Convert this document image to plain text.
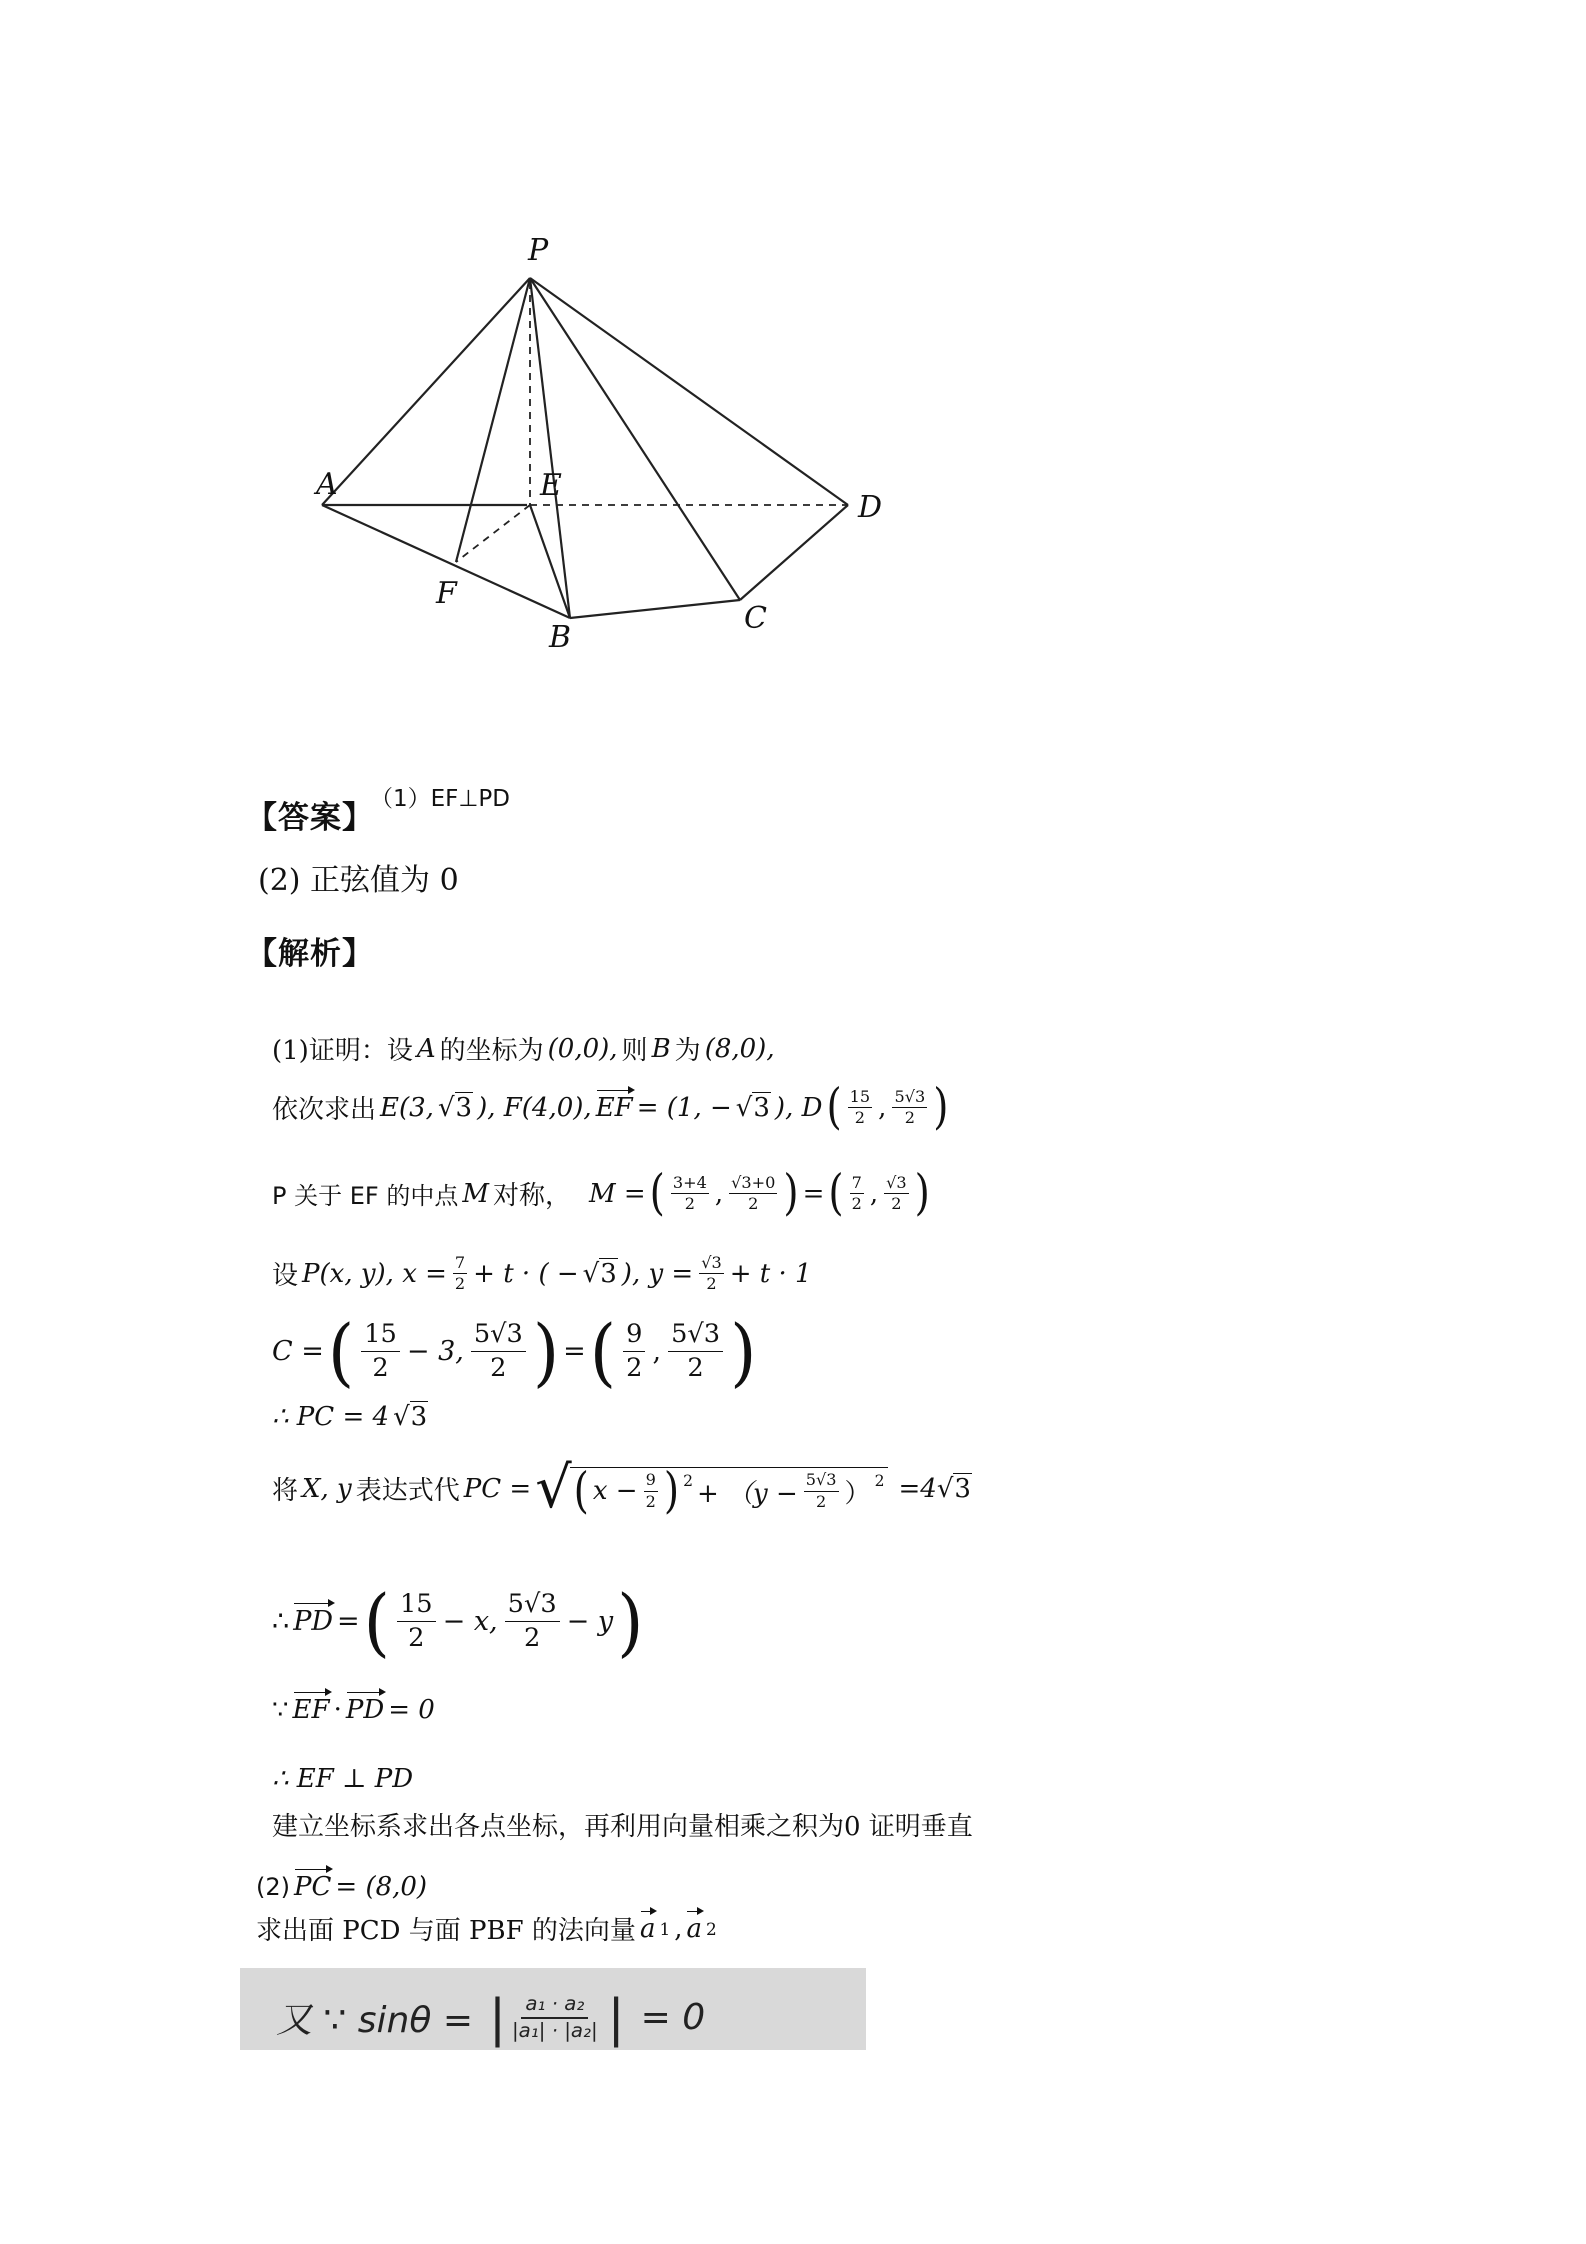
P
A	E
D
F
B
C
【答案】
（1）EF⊥PD
(2) 正弦值为 0
【解析】
(1)证明：设 A 的坐标为 (0,0), 则 B 为 (8,0),
依次求出 E(3, √3 ), F(4,0), EF = (1, − √3 ), D ( $\frac{15}{2}$ , $\frac{5√3}{2}$ )
P 关于 EF 的中点 M 对称， M = ( $\frac{3+4}{2}$ , $\frac{√3+0}{2}$ ) = ( $\frac{7}{2}$ , $\frac{√3}{2}$ )
设 P(x, y), $x = \frac{7}{2} + t$ · ( − √3 ), $y = \frac{√3}{2} + t \cdot 1$
C = ( $\frac{15}{2} - 3$, $\frac{5√3}{2}$ ) = ( $\frac{9}{2}$ , $\frac{5√3}{2}$ )
∴ PC = 4 √3
将 X, y 表达式代 PC = √ ( $x - \frac{9}{2}$ ) $^2 + (y - \frac{5√3}{2}$ ） $^2$ =4 √3
∴ PD = ( $\frac{15}{2} - x$, $\frac{5√3}{2} - y$ )
∵ EF · PD = 0
∴ EF ⊥ PD
建立坐标系求出各点坐标，再利用向量相乘之积为0 证明垂直
(2) PC = (8,0)
求出面 PCD 与面 PBF 的法向量 a 1 , a 2
又 ∵ sinθ = | $\frac{\text{a₁ · a₂}}{\text{|a₁| · |a₂|}}$ | = 0
